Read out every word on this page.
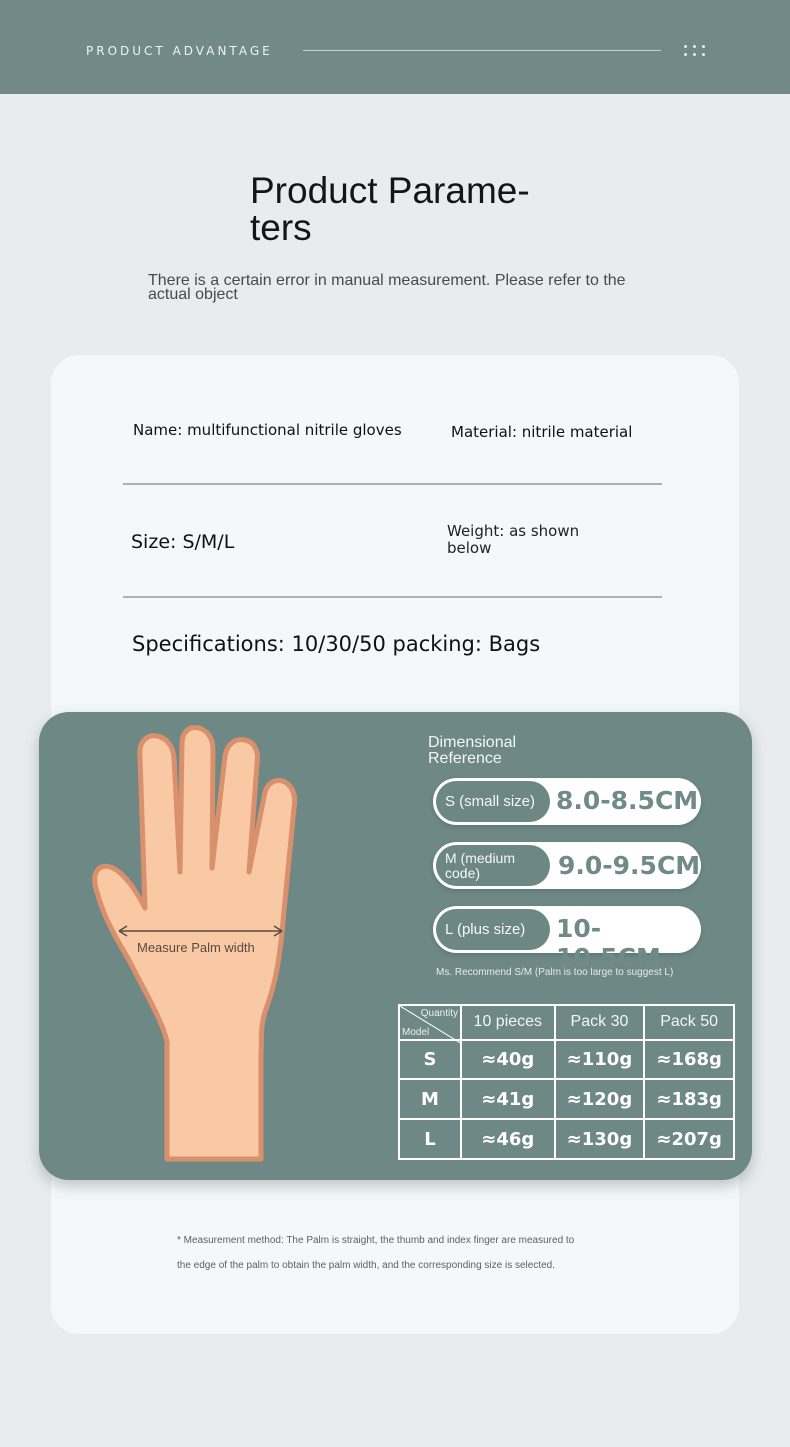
PRODUCT ADVANTAGE
Product Parame-
ters
There is a certain error in manual measurement. Please refer to the actual object
Name: multifunctional nitrile gloves	Material: nitrile material
Size: S/M/L	Weight: as shown below
Specifications: 10/30/50 packing: Bags
Measure Palm width
Dimensional Reference
S (small size) 8.0-8.5CM
M (medium code)	9.0-9.5CM
L (plus size)	10-10.5CM
Ms. Recommend S/M (Palm is too large to suggest L)
Quantity
Model	10 pieces	Pack 30	Pack 50
S	≈40g	≈110g	≈168g
M	≈41g	≈120g	≈183g
L	≈46g	≈130g	≈207g
* Measurement method: The Palm is straight, the thumb and index finger are measured to
the edge of the palm to obtain the palm width, and the corresponding size is selected.
